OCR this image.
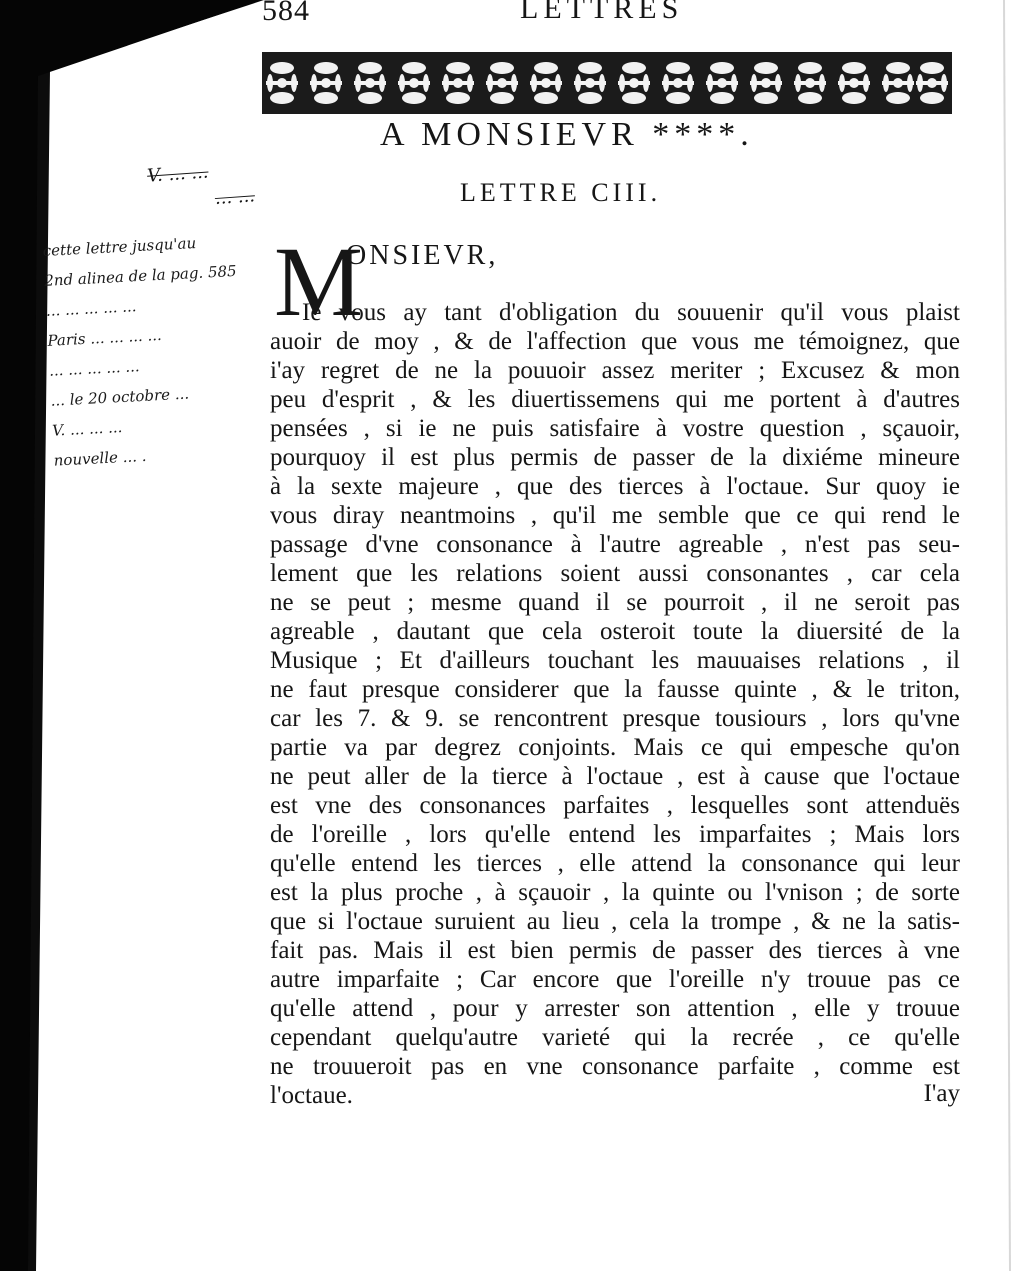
584	LETTRES
A MONSIEVR ****.
LETTRE CIII.
M
ONSIEVR,
Ie vous ay tant d'obligation du souuenir qu'il vous plaist
auoir de moy , & de l'affection que vous me témoignez, que
i'ay regret de ne la pouuoir assez meriter ; Excusez & mon
peu d'esprit , & les diuertissemens qui me portent à d'autres
pensées , si ie ne puis satisfaire à vostre question , sçauoir,
pourquoy il est plus permis de passer de la dixiéme mineure
à la sexte majeure , que des tierces à l'octaue. Sur quoy ie
vous diray neantmoins , qu'il me semble que ce qui rend le
passage d'vne consonance à l'autre agreable , n'est pas seu-
lement que les relations soient aussi consonantes , car cela
ne se peut ; mesme quand il se pourroit , il ne seroit pas
agreable , dautant que cela osteroit toute la diuersité de la
Musique ; Et d'ailleurs touchant les mauuaises relations , il
ne faut presque considerer que la fausse quinte , & le triton,
car les 7. & 9. se rencontrent presque tousiours , lors qu'vne
partie va par degrez conjoints. Mais ce qui empesche qu'on
ne peut aller de la tierce à l'octaue , est à cause que l'octaue
est vne des consonances parfaites , lesquelles sont attenduës
de l'oreille , lors qu'elle entend les imparfaites ; Mais lors
qu'elle entend les tierces , elle attend la consonance qui leur
est la plus proche , à sçauoir , la quinte ou l'vnison ; de sorte
que si l'octaue suruient au lieu , cela la trompe , & ne la satis-
fait pas. Mais il est bien permis de passer des tierces à vne
autre imparfaite ; Car encore que l'oreille n'y trouue pas ce
qu'elle attend , pour y arrester son attention , elle y trouue
cependant quelqu'autre varieté qui la recrée , ce qu'elle
ne trouueroit pas en vne consonance parfaite , comme est
l'octaue.	I'ay
V. ... ...
... ...
cette lettre jusqu'au
2nd alinea de la pag. 585
... ... ... ... ...
Paris ... ... ... ...
... ... ... ... ...
... le 20 octobre ...
V. ... ... ...
nouvelle ... .
